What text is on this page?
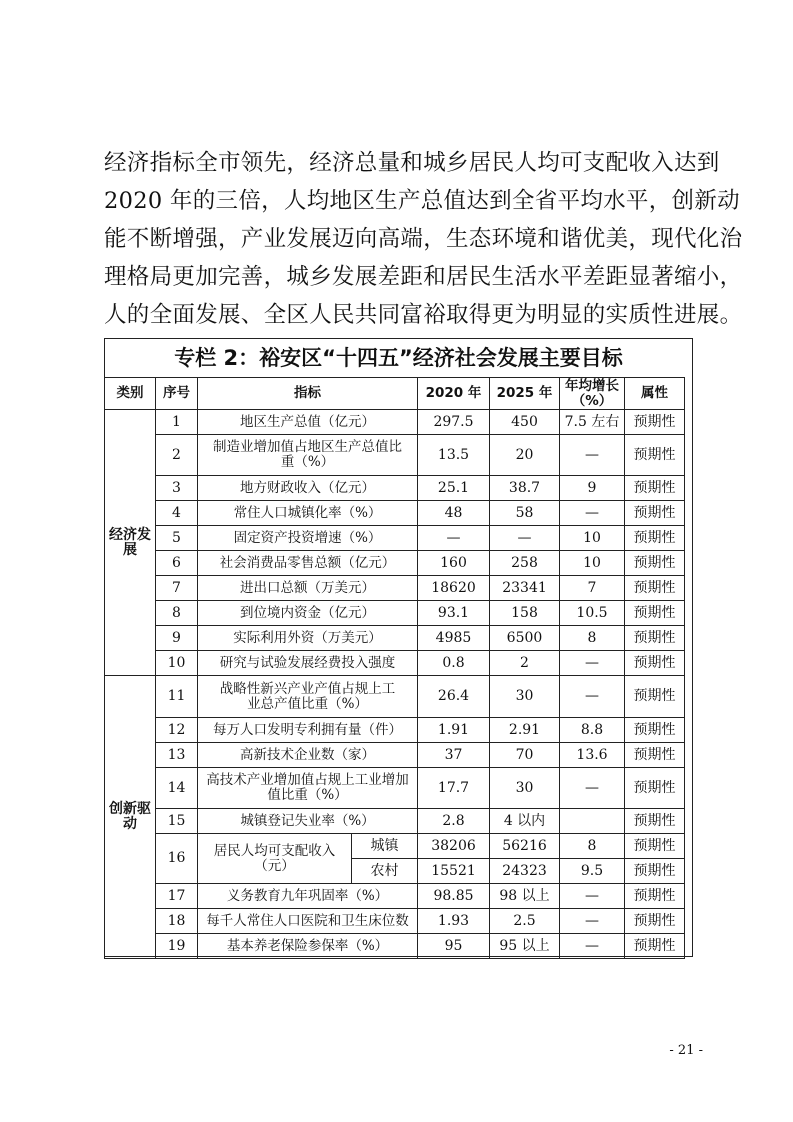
经济指标全市领先，经济总量和城乡居民人均可支配收入达到
2020 年的三倍，人均地区生产总值达到全省平均水平，创新动
能不断增强，产业发展迈向高端，生态环境和谐优美，现代化治
理格局更加完善，城乡发展差距和居民生活水平差距显著缩小，
人的全面发展、全区人民共同富裕取得更为明显的实质性进展。
专栏 2：裕安区“十四五”经济社会发展主要目标
类别	序号	指标		2020 年	2025 年	年均增长（%）	属性
经济发展	1	地区生产总值（亿元）		297.5	450	7.5 左右	预期性
	2	制造业增加值占地区生产总值比重（%）		13.5	20	—	预期性
	3	地方财政收入（亿元）		25.1	38.7	9	预期性
	4	常住人口城镇化率（%）		48	58	—	预期性
	5	固定资产投资增速（%）		—	—	10	预期性
	6	社会消费品零售总额（亿元）		160	258	10	预期性
	7	进出口总额（万美元）		18620	23341	7	预期性
	8	到位境内资金（亿元）		93.1	158	10.5	预期性
	9	实际利用外资（万美元）		4985	6500	8	预期性
	10	研究与试验发展经费投入强度		0.8	2	—	预期性
创新驱动	11	战略性新兴产业产值占规上工业总产值比重（%）		26.4	30	—	预期性
	12	每万人口发明专利拥有量（件）		1.91	2.91	8.8	预期性
	13	高新技术企业数（家）		37	70	13.6	预期性
	14	高技术产业增加值占规上工业增加值比重（%）		17.7	30	—	预期性
	15	城镇登记失业率（%）		2.8	4 以内		预期性
	16	居民人均可支配收入（元）	城镇	38206	56216	8	预期性
			农村	15521	24323	9.5	预期性
	17	义务教育九年巩固率（%）		98.85	98 以上	—	预期性
	18	每千人常住人口医院和卫生床位数		1.93	2.5	—	预期性
	19	基本养老保险参保率（%）		95	95 以上	—	预期性
- 21 -
